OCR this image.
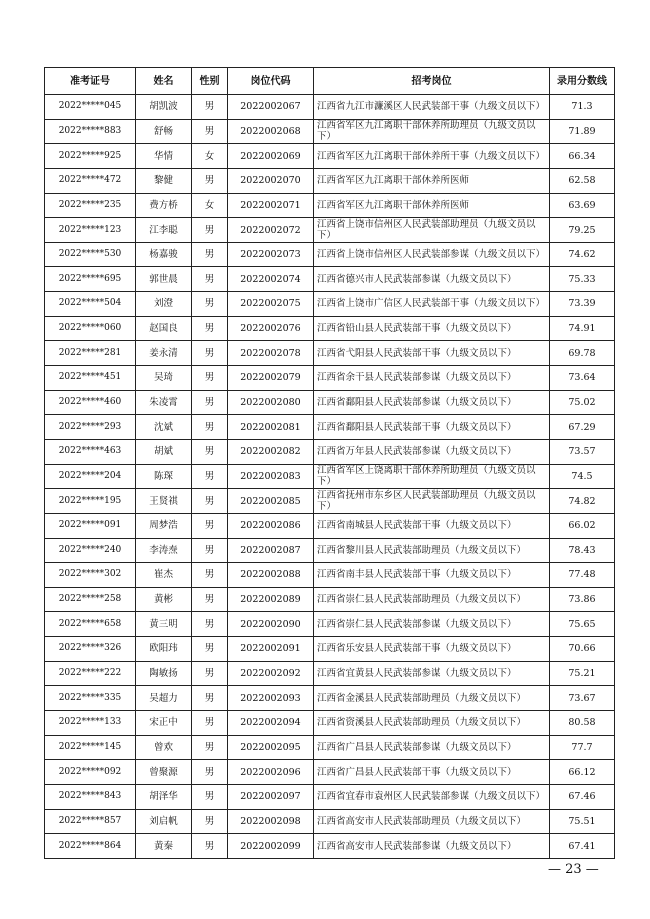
准考证号	姓名	性别	岗位代码	招考岗位	录用分数线
2022*****045	胡凯波	男	2022002067	江西省九江市濂溪区人民武装部干事（九级文员以下）	71.3
2022*****883	舒畅	男	2022002068	江西省军区九江离职干部休养所助理员（九级文员以下）	71.89
2022*****925	华情	女	2022002069	江西省军区九江离职干部休养所干事（九级文员以下）	66.34
2022*****472	黎健	男	2022002070	江西省军区九江离职干部休养所医师	62.58
2022*****235	费方桥	女	2022002071	江西省军区九江离职干部休养所医师	63.69
2022*****123	江李聪	男	2022002072	江西省上饶市信州区人民武装部助理员（九级文员以下）	79.25
2022*****530	杨嘉骏	男	2022002073	江西省上饶市信州区人民武装部参谋（九级文员以下）	74.62
2022*****695	郭世晨	男	2022002074	江西省德兴市人民武装部参谋（九级文员以下）	75.33
2022*****504	刘澄	男	2022002075	江西省上饶市广信区人民武装部干事（九级文员以下）	73.39
2022*****060	赵国良	男	2022002076	江西省铅山县人民武装部干事（九级文员以下）	74.91
2022*****281	姜永清	男	2022002078	江西省弋阳县人民武装部干事（九级文员以下）	69.78
2022*****451	吴琦	男	2022002079	江西省余干县人民武装部参谋（九级文员以下）	73.64
2022*****460	朱凌霄	男	2022002080	江西省鄱阳县人民武装部参谋（九级文员以下）	75.02
2022*****293	沈斌	男	2022002081	江西省鄱阳县人民武装部干事（九级文员以下）	67.29
2022*****463	胡斌	男	2022002082	江西省万年县人民武装部参谋（九级文员以下）	73.57
2022*****204	陈琛	男	2022002083	江西省军区上饶离职干部休养所助理员（九级文员以下）	74.5
2022*****195	王贤祺	男	2022002085	江西省抚州市东乡区人民武装部助理员（九级文员以下）	74.82
2022*****091	周梦浩	男	2022002086	江西省南城县人民武装部干事（九级文员以下）	66.02
2022*****240	李涛焘	男	2022002087	江西省黎川县人民武装部助理员（九级文员以下）	78.43
2022*****302	崔杰	男	2022002088	江西省南丰县人民武装部干事（九级文员以下）	77.48
2022*****258	黄彬	男	2022002089	江西省崇仁县人民武装部助理员（九级文员以下）	73.86
2022*****658	黄三明	男	2022002090	江西省崇仁县人民武装部参谋（九级文员以下）	75.65
2022*****326	欧阳玮	男	2022002091	江西省乐安县人民武装部干事（九级文员以下）	70.66
2022*****222	陶敏扬	男	2022002092	江西省宜黄县人民武装部参谋（九级文员以下）	75.21
2022*****335	吴超力	男	2022002093	江西省金溪县人民武装部助理员（九级文员以下）	73.67
2022*****133	宋正中	男	2022002094	江西省资溪县人民武装部助理员（九级文员以下）	80.58
2022*****145	曾欢	男	2022002095	江西省广昌县人民武装部参谋（九级文员以下）	77.7
2022*****092	曾聚源	男	2022002096	江西省广昌县人民武装部干事（九级文员以下）	66.12
2022*****843	胡泽华	男	2022002097	江西省宜春市袁州区人民武装部参谋（九级文员以下）	67.46
2022*****857	刘启帆	男	2022002098	江西省高安市人民武装部助理员（九级文员以下）	75.51
2022*****864	黄秦	男	2022002099	江西省高安市人民武装部参谋（九级文员以下）	67.41
— 23 —
